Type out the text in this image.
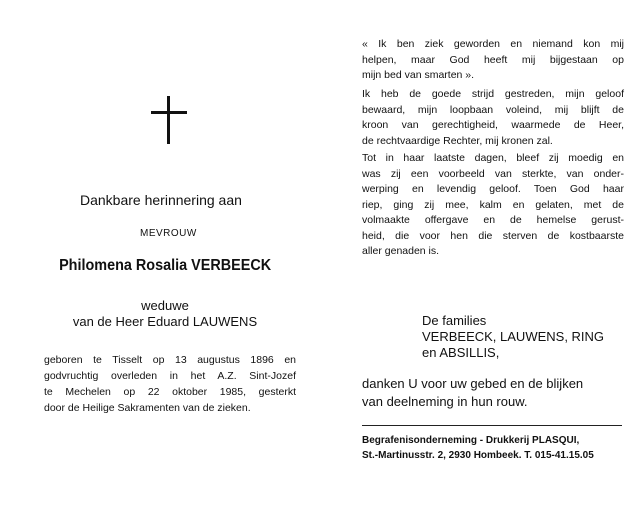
Dankbare herinnering aan
MEVROUW
Philomena Rosalia VERBEECK
weduwe
van de Heer Eduard LAUWENS
geboren te Tisselt op 13 augustus 1896 en
godvruchtig overleden in het A.Z. Sint-Jozef
te Mechelen op 22 oktober 1985, gesterkt
door de Heilige Sakramenten van de zieken.
« Ik ben ziek geworden en niemand kon mij
helpen, maar God heeft mij bijgestaan op
mijn bed van smarten ».
Ik heb de goede strijd gestreden, mijn geloof
bewaard, mijn loopbaan voleind, mij blijft de
kroon van gerechtigheid, waarmede de Heer,
de rechtvaardige Rechter, mij kronen zal.
Tot in haar laatste dagen, bleef zij moedig en
was zij een voorbeeld van sterkte, van onder-
werping en levendig geloof. Toen God haar
riep, ging zij mee, kalm en gelaten, met de
volmaakte offergave en de hemelse gerust-
heid, die voor hen die sterven de kostbaarste
aller genaden is.
De families
VERBEECK, LAUWENS, RING
en ABSILLIS,
danken U voor uw gebed en de blijken
van deelneming in hun rouw.
Begrafenisonderneming - Drukkerij PLASQUI,
St.-Martinusstr. 2, 2930 Hombeek. T. 015-41.15.05
